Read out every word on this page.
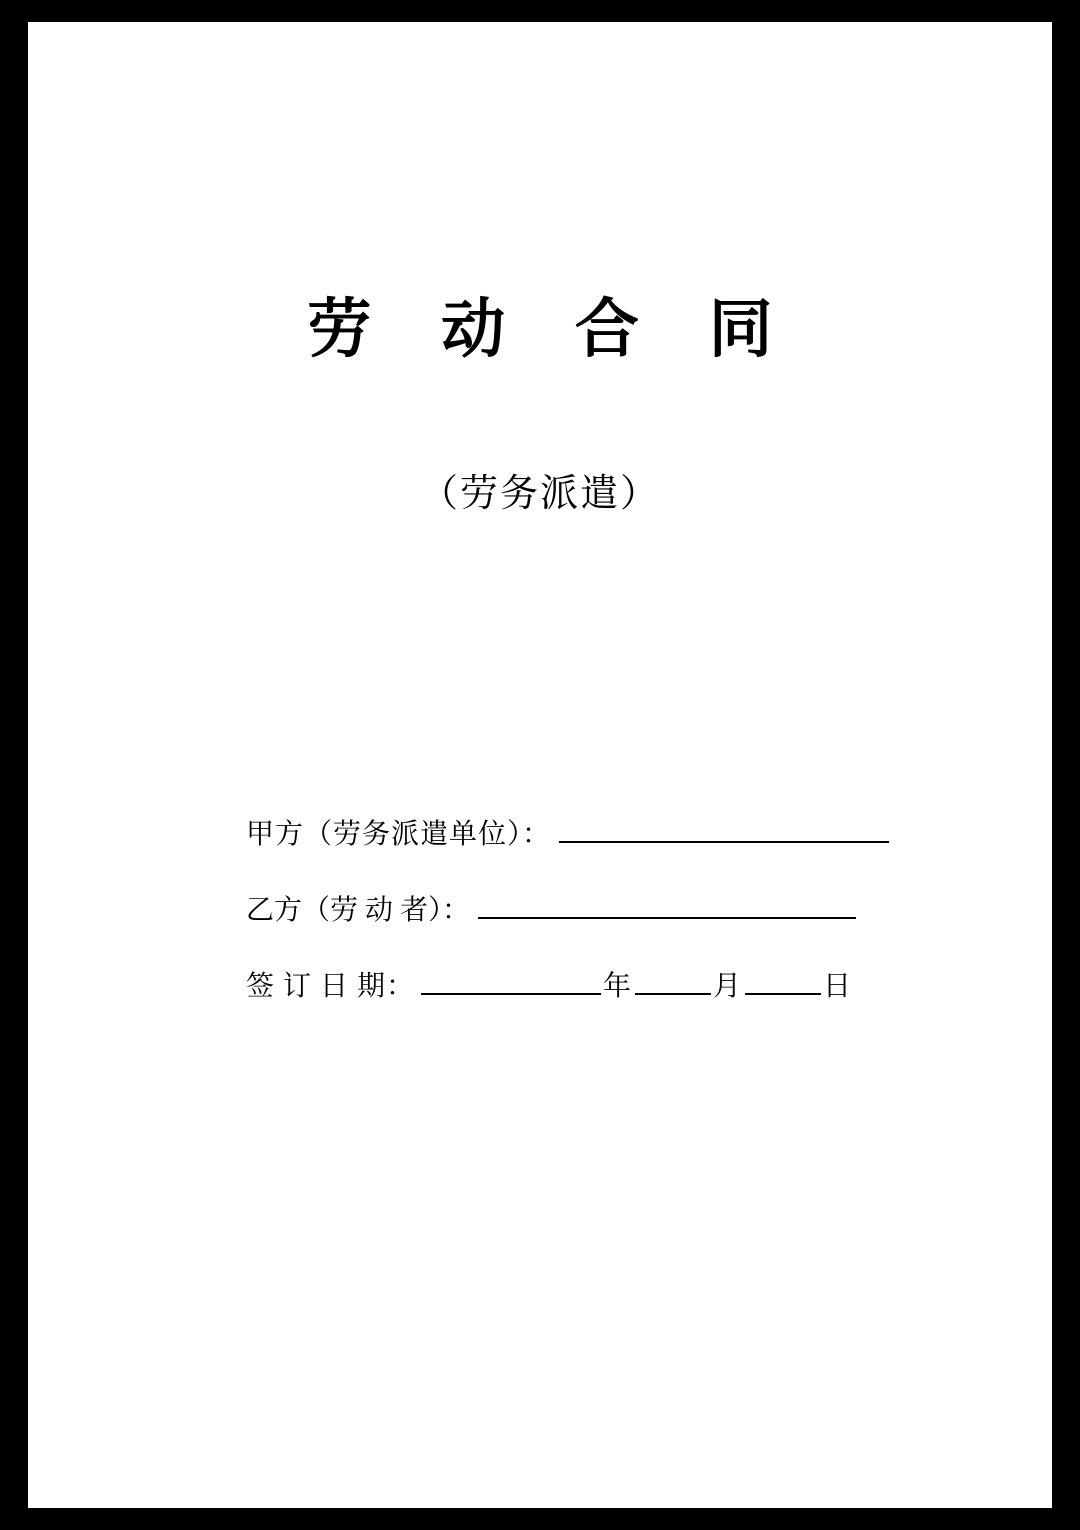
劳 动 合 同
（劳务派遣）
甲方（劳务派遣单位）：
乙方（劳 动 者）：
签 订 日 期：	年	月	日
